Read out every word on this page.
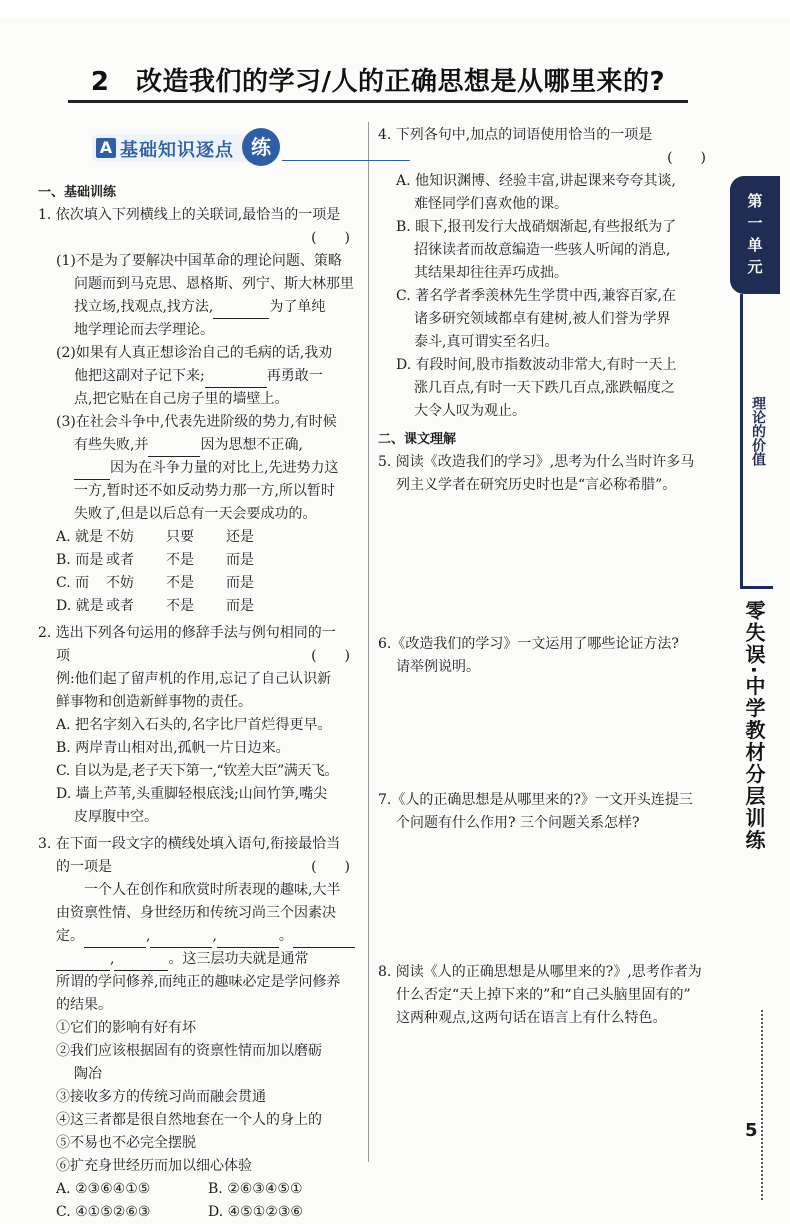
2　改造我们的学习/人的正确思想是从哪里来的?
A 基础知识逐点 练
一、基础训练

1. 依次填入下列横线上的关联词,最恰当的一项是

(　　)

(1)不是为了要解决中国革命的理论问题、策略

问题而到马克思、恩格斯、列宁、斯大林那里

找立场,找观点,找方法,	为了单纯

地学理论而去学理论。

(2)如果有人真正想诊治自己的毛病的话,我劝

他把这副对子记下来;	再勇敢一

点,把它贴在自己房子里的墙壁上。

(3)在社会斗争中,代表先进阶级的势力,有时候

有些失败,并	因为思想不正确,

因为在斗争力量的对比上,先进势力这

一方,暂时还不如反动势力那一方,所以暂时

失败了,但是以后总有一天会要成功的。

A. 就是 不妨	只要	还是
B. 而是 或者	不是	而是
C. 而	不妨	不是	而是
D. 就是 或者	不是	而是

2. 选出下列各句运用的修辞手法与例句相同的一

项	(　　)

例:他们起了留声机的作用,忘记了自己认识新

鲜事物和创造新鲜事物的责任。

A. 把名字刻入石头的,名字比尸首烂得更早。

B. 两岸青山相对出,孤帆一片日边来。

C. 自以为是,老子天下第一,“钦差大臣”满天飞。

D. 墙上芦苇,头重脚轻根底浅;山间竹笋,嘴尖

皮厚腹中空。

3. 在下面一段文字的横线处填入语句,衔接最恰当

的一项是	(　　)

　　一个人在创作和欣赏时所表现的趣味,大半

由资禀性情、身世经历和传统习尚三个因素决

定。	,	,	。

,	。这三层功夫就是通常

所谓的学问修养,而纯正的趣味必定是学问修养

的结果。

①它们的影响有好有坏

②我们应该根据固有的资禀性情而加以磨砺

陶冶

③接收多方的传统习尚而融会贯通

④这三者都是很自然地套在一个人的身上的

⑤不易也不必完全摆脱

⑥扩充身世经历而加以细心体验

A. ②③⑥④①⑤	B. ②⑥③④⑤①
C. ④①⑤②⑥③	D. ④⑤①②③⑥

4. 下列各句中,加点的词语使用恰当的一项是

(　　)

A. 他知识渊博、经验丰富,讲起课来夸夸其谈,

难怪同学们喜欢他的课。

B. 眼下,报刊发行大战硝烟渐起,有些报纸为了

招徕读者而故意编造一些骇人听闻的消息,

其结果却往往弄巧成拙。

C. 著名学者季羡林先生学贯中西,兼容百家,在

诸多研究领域都卓有建树,被人们誉为学界

泰斗,真可谓实至名归。

D. 有段时间,股市指数波动非常大,有时一天上

涨几百点,有时一天下跌几百点,涨跌幅度之

大令人叹为观止。

二、课文理解

5. 阅读《改造我们的学习》,思考为什么当时许多马

列主义学者在研究历史时也是“言必称希腊”。

6.《改造我们的学习》一文运用了哪些论证方法?

请举例说明。

7.《人的正确思想是从哪里来的?》一文开头连提三

个问题有什么作用? 三个问题关系怎样?

8. 阅读《人的正确思想是从哪里来的?》,思考作者为

什么否定“天上掉下来的”和“自己头脑里固有的”

这两种观点,这两句话在语言上有什么特色。

第
一
单
元
理论的价值
零失误·中学教材分层训练
5
